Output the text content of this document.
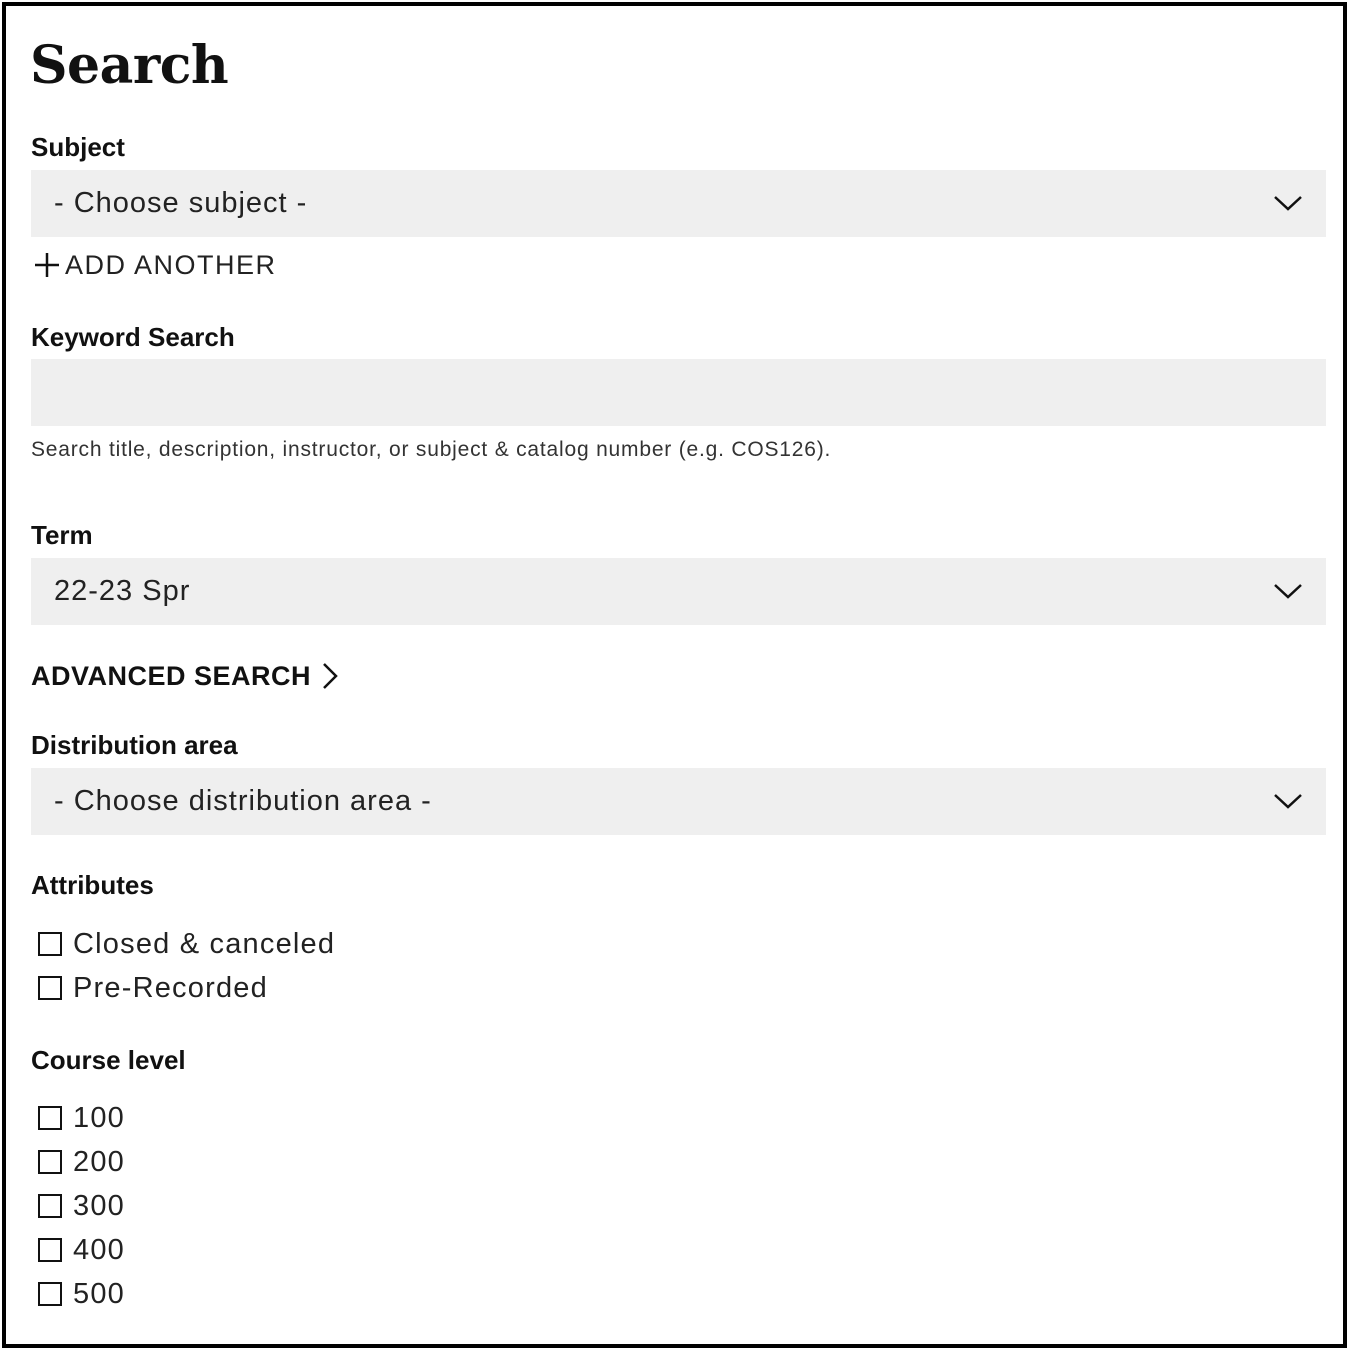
Search
Subject
- Choose subject -
ADD ANOTHER
Keyword Search
Search title, description, instructor, or subject & catalog number (e.g. COS126).
Term
22-23 Spr
ADVANCED SEARCH
Distribution area
- Choose distribution area -
Attributes
Closed & canceled
Pre-Recorded
Course level
100
200
300
400
500
